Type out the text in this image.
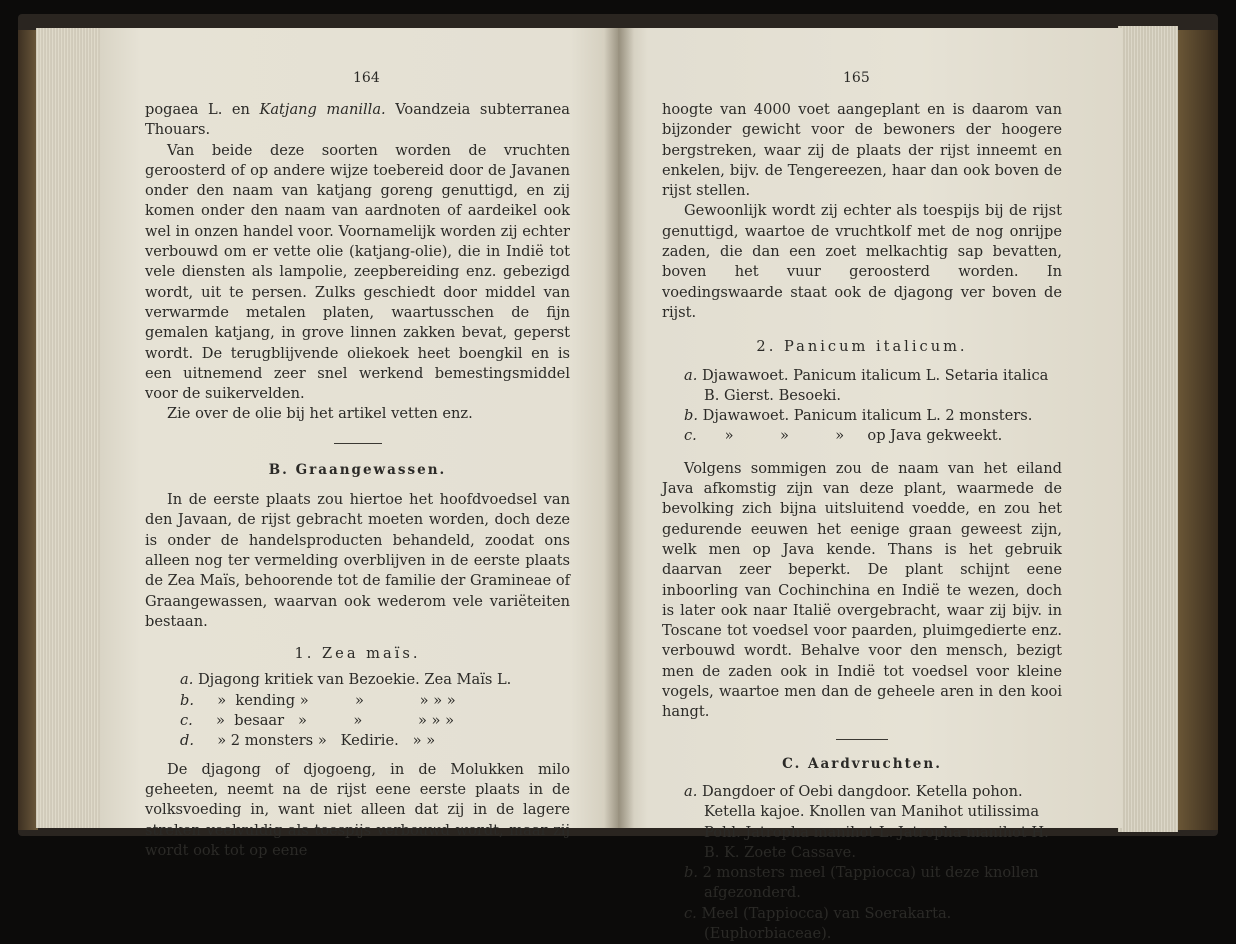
164

pogaea L. en Katjang manilla. Voandzeia subterranea Thouars.

Van beide deze soorten worden de vruchten geroosterd of op andere wijze toebereid door de Javanen onder den naam van katjang goreng genuttigd, en zij komen onder den naam van aardnoten of aardeikel ook wel in onzen handel voor. Voornamelijk worden zij echter verbouwd om er vette olie (katjang-olie), die in Indië tot vele diensten als lampolie, zeepbereiding enz. gebezigd wordt, uit te persen. Zulks geschiedt door middel van verwarmde metalen platen, waartusschen de fijn gemalen katjang, in grove linnen zakken bevat, geperst wordt. De terugblijvende oliekoek heet boengkil en is een uitnemend zeer snel werkend bemestingsmiddel voor de suikervelden.

Zie over de olie bij het artikel vetten enz.

B. Graangewassen.

In de eerste plaats zou hiertoe het hoofdvoedsel van den Javaan, de rijst gebracht moeten worden, doch deze is onder de handelsproducten behandeld, zoodat ons alleen nog ter vermelding overblijven in de eerste plaats de Zea Maïs, behoorende tot de familie der Gramineae of Graangewassen, waarvan ook wederom vele variëteiten bestaan.

1. Zea maïs.

a. Djagong kritiek van Bezoekie. Zea Maïs L.
b. » kending »	»	» » »
c. » besaar »	»	» » »
d. » 2 monsters » Kedirie. » »

De djagong of djogoeng, in de Molukken milo geheeten, neemt na de rijst eene eerste plaats in de volksvoeding in, want niet alleen dat zij in de lagere streken veelvuldig als toespijs verbouwd wordt, maar zij wordt ook tot op eene

165

hoogte van 4000 voet aangeplant en is daarom van bijzonder gewicht voor de bewoners der hoogere bergstreken, waar zij de plaats der rijst inneemt en enkelen, bijv. de Tengereezen, haar dan ook boven de rijst stellen.

Gewoonlijk wordt zij echter als toespijs bij de rijst genuttigd, waartoe de vruchtkolf met de nog onrijpe zaden, die dan een zoet melkachtig sap bevatten, boven het vuur geroosterd worden. In voedingswaarde staat ook de djagong ver boven de rijst.

2. Panicum italicum.

a. Djawawoet. Panicum italicum L. Setaria italica B. Gierst. Besoeki.
b. Djawawoet. Panicum italicum L. 2 monsters.
c. »          »          »     op Java gekweekt.

Volgens sommigen zou de naam van het eiland Java afkomstig zijn van deze plant, waarmede de bevolking zich bijna uitsluitend voedde, en zou het gedurende eeuwen het eenige graan geweest zijn, welk men op Java kende. Thans is het gebruik daarvan zeer beperkt. De plant schijnt eene inboorling van Cochinchina en Indië te wezen, doch is later ook naar Italië overgebracht, waar zij bijv. in Toscane tot voedsel voor paarden, pluimgedierte enz. verbouwd wordt. Behalve voor den mensch, bezigt men de zaden ook in Indië tot voedsel voor kleine vogels, waartoe men dan de geheele aren in den kooi hangt.

C. Aardvruchten.

a. Dangdoer of Oebi dangdoor. Ketella pohon. Ketella kajoe. Knollen van Manihot utilissima Pohl. Jatropha manihot L. Jatropha manihot H. B. K. Zoete Cassave.
b. 2 monsters meel (Tappiocca) uit deze knollen afgezonderd.
c. Meel (Tappiocca) van Soerakarta. (Euphorbiaceae).
